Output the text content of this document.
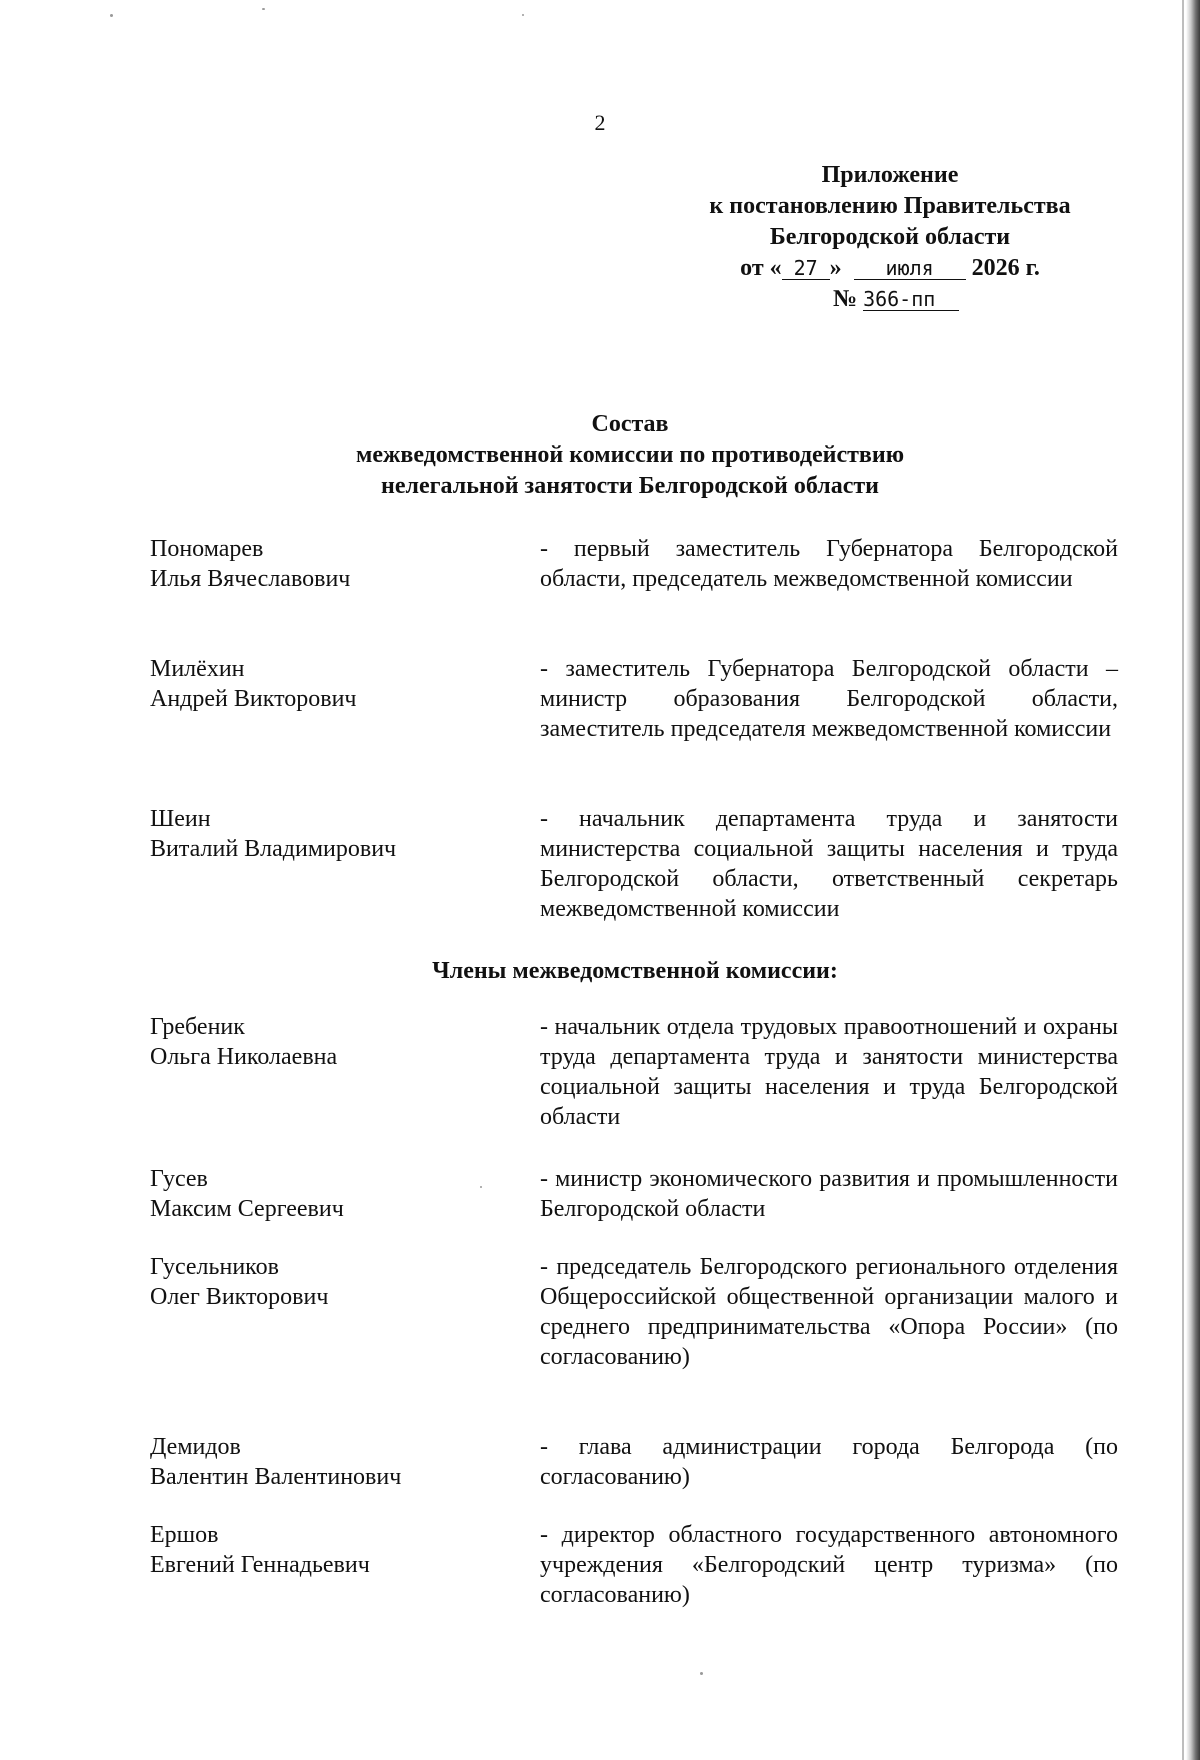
2
Приложение
к постановлению Правительства
Белгородской области
от « 27 » июля 2026 г.
№ 366-пп
Состав
межведомственной комиссии по противодействию
нелегальной занятости Белгородской области
Пономарев
Илья Вячеславович
- первый заместитель Губернатора Белгородской области, председатель межведомственной комиссии
Милёхин
Андрей Викторович
- заместитель Губернатора Белгородской области – министр образования Белгородской области, заместитель председателя межведомственной комиссии
Шеин
Виталий Владимирович
- начальник департамента труда и занятости министерства социальной защиты населения и труда Белгородской области, ответственный секретарь межведомственной комиссии
Члены межведомственной комиссии:
Гребеник
Ольга Николаевна
- начальник отдела трудовых правоотношений и охраны труда департамента труда и занятости министерства социальной защиты населения и труда Белгородской области
Гусев
Максим Сергеевич
- министр экономического развития и промышленности Белгородской области
Гусельников
Олег Викторович
- председатель Белгородского регионального отделения Общероссийской общественной организации малого и среднего предпринимательства «Опора России» (по согласованию)
Демидов
Валентин Валентинович
- глава администрации города Белгорода (по согласованию)
Ершов
Евгений Геннадьевич
- директор областного государственного автономного учреждения «Белгородский центр туризма» (по согласованию)
